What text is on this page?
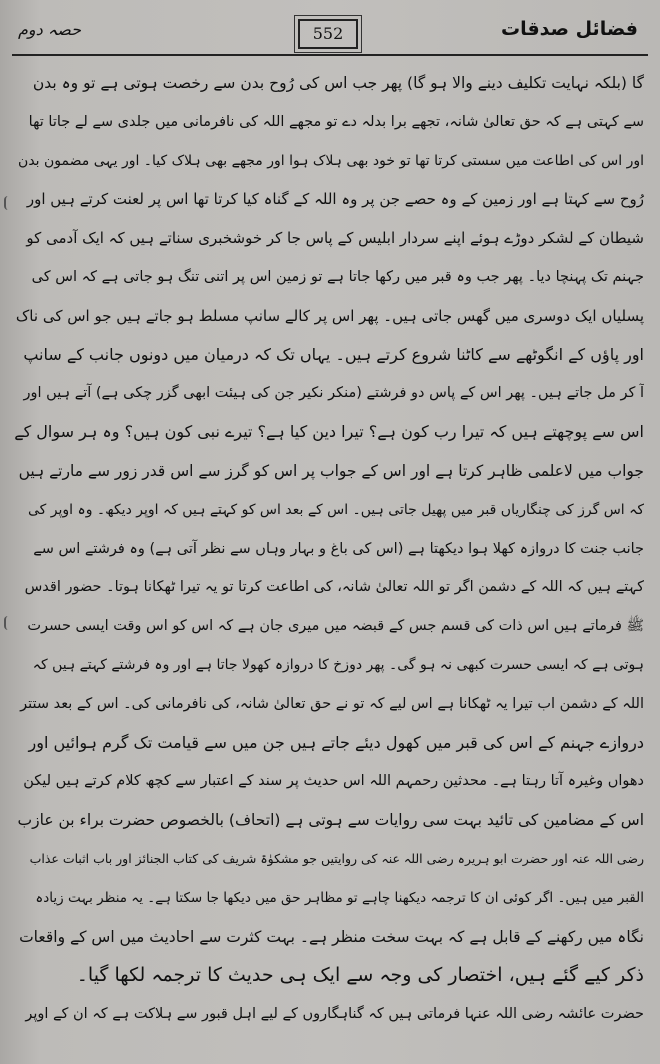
فضائل صدقات
552
حصہ دوم
گا (بلکہ نہایت تکلیف دینے والا ہو گا) پھر جب اس کی رُوح بدن سے رخصت ہوتی ہے تو وہ بدن
سے کہتی ہے کہ حق تعالیٰ شانہ، تجھے برا بدلہ دے تو مجھے اللہ کی نافرمانی میں جلدی سے لے جاتا تھا
اور اس کی اطاعت میں سستی کرتا تھا تو خود بھی ہلاک ہوا اور مجھے بھی ہلاک کیا۔ اور یہی مضمون بدن
رُوح سے کہتا ہے اور زمین کے وہ حصے جن پر وہ اللہ کے گناہ کیا کرتا تھا اس پر لعنت کرتے ہیں اور
شیطان کے لشکر دوڑے ہوئے اپنے سردار ابلیس کے پاس جا کر خوشخبری سناتے ہیں کہ ایک آدمی کو
جہنم تک پہنچا دیا۔ پھر جب وہ قبر میں رکھا جاتا ہے تو زمین اس پر اتنی تنگ ہو جاتی ہے کہ اس کی
پسلیاں ایک دوسری میں گھس جاتی ہیں۔ پھر اس پر کالے سانپ مسلط ہو جاتے ہیں جو اس کی ناک
اور پاؤں کے انگوٹھے سے کاٹنا شروع کرتے ہیں۔ یہاں تک کہ درمیان میں دونوں جانب کے سانپ
آ کر مل جاتے ہیں۔ پھر اس کے پاس دو فرشتے (منکر نکیر جن کی ہیئت ابھی گزر چکی ہے) آتے ہیں اور
اس سے پوچھتے ہیں کہ تیرا رب کون ہے؟ تیرا دین کیا ہے؟ تیرے نبی کون ہیں؟ وہ ہر سوال کے
جواب میں لاعلمی ظاہر کرتا ہے اور اس کے جواب پر اس کو گرز سے اس قدر زور سے مارتے ہیں
کہ اس گرز کی چنگاریاں قبر میں پھیل جاتی ہیں۔ اس کے بعد اس کو کہتے ہیں کہ اوپر دیکھ۔ وہ اوپر کی
جانب جنت کا دروازہ کھلا ہوا دیکھتا ہے (اس کی باغ و بہار وہاں سے نظر آتی ہے) وہ فرشتے اس سے
کہتے ہیں کہ اللہ کے دشمن اگر تو اللہ تعالیٰ شانہ، کی اطاعت کرتا تو یہ تیرا ٹھکانا ہوتا۔ حضور اقدس
ﷺ فرماتے ہیں اس ذات کی قسم جس کے قبضہ میں میری جان ہے کہ اس کو اس وقت ایسی حسرت
ہوتی ہے کہ ایسی حسرت کبھی نہ ہو گی۔ پھر دوزخ کا دروازہ کھولا جاتا ہے اور وہ فرشتے کہتے ہیں کہ
اللہ کے دشمن اب تیرا یہ ٹھکانا ہے اس لیے کہ تو نے حق تعالیٰ شانہ، کی نافرمانی کی۔ اس کے بعد ستتر
دروازے جہنم کے اس کی قبر میں کھول دیئے جاتے ہیں جن میں سے قیامت تک گرم ہوائیں اور
دھواں وغیرہ آتا رہتا ہے۔ محدثین رحمہم اللہ اس حدیث پر سند کے اعتبار سے کچھ کلام کرتے ہیں لیکن
اس کے مضامین کی تائید بہت سی روایات سے ہوتی ہے (اتحاف) بالخصوص حضرت براء بن عازب
رضی اللہ عنہ اور حضرت ابو ہریرہ رضی اللہ عنہ کی روایتیں جو مشکوٰۃ شریف کی کتاب الجنائز اور باب اثبات عذاب
القبر میں ہیں۔ اگر کوئی ان کا ترجمہ دیکھنا چاہے تو مظاہر حق میں دیکھا جا سکتا ہے۔ یہ منظر بہت زیادہ
نگاہ میں رکھنے کے قابل ہے کہ بہت سخت منظر ہے۔ بہت کثرت سے احادیث میں اس کے واقعات
ذکر کیے گئے ہیں، اختصار کی وجہ سے ایک ہی حدیث کا ترجمہ لکھا گیا۔
حضرت عائشہ رضی اللہ عنہا فرماتی ہیں کہ گناہگاروں کے لیے اہل قبور سے ہلاکت ہے کہ ان کے اوپر
